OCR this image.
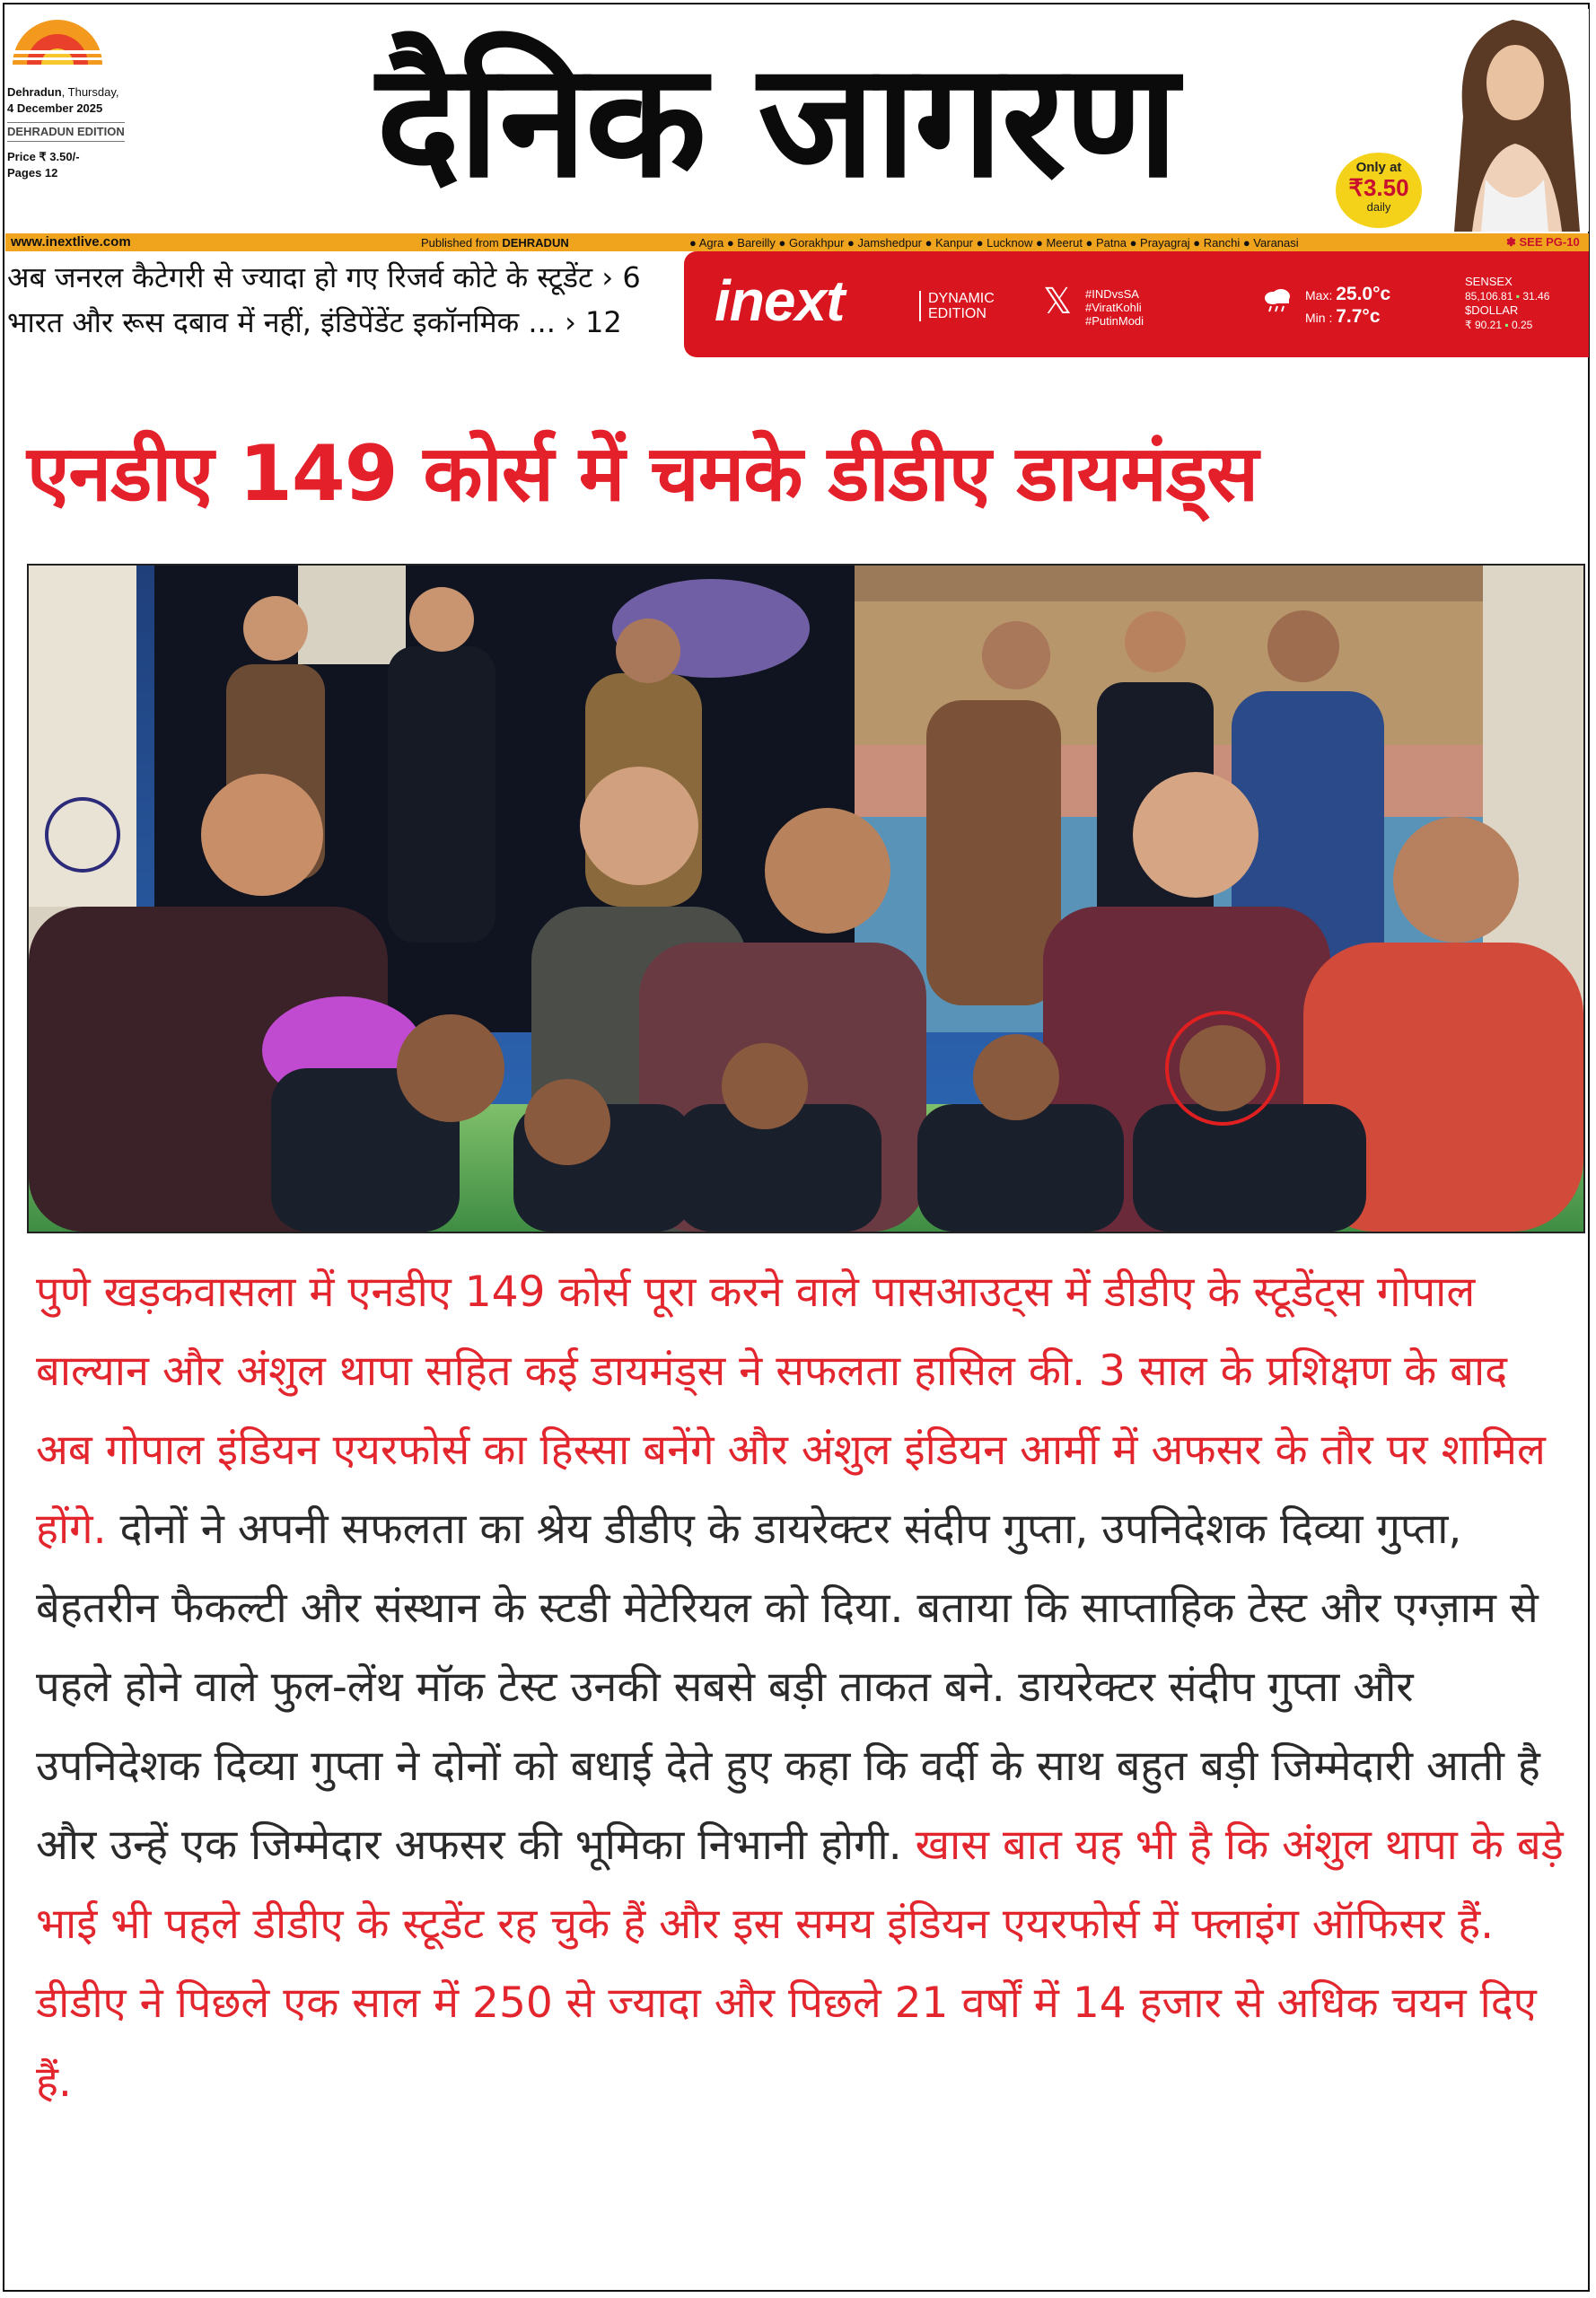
Dehradun, Thursday,
4 December 2025
DEHRADUN EDITION
Price ₹ 3.50/-
Pages 12	दैनिक जागरण	Only at
₹3.50
daily
www.inextlive.com	Published from DEHRADUN	● Agra ● Bareilly ● Gorakhpur ● Jamshedpur ● Kanpur ● Lucknow ● Meerut ● Patna ● Prayagraj ● Ranchi ● Varanasi	✽ SEE PG-10
अब जनरल कैटेगरी से ज्यादा हो गए रिजर्व कोटे के स्टूडेंट › 6
भारत और रूस दबाव में नहीं, इंडिपेंडेंट इकॉनमिक ... › 12	inext	DYNAMIC
EDITION 𝕏 #INDvsSA
#ViratKohli
#PutinModi
Max: 25.0°c
Min : 7.7°c
SENSEX
85,106.81 ▪ 31.46
$DOLLAR
₹ 90.21 ▪ 0.25
एनडीए 149 कोर्स में चमके डीडीए डायमंड्स
पुणे खड़कवासला में एनडीए 149 कोर्स पूरा करने वाले पासआउट्स में डीडीए के स्टूडेंट्स गोपाल बाल्यान और अंशुल थापा सहित कई डायमंड्स ने सफलता हासिल की. 3 साल के प्रशिक्षण के बाद अब गोपाल इंडियन एयरफोर्स का हिस्सा बनेंगे और अंशुल इंडियन आर्मी में अफसर के तौर पर शामिल होंगे. दोनों ने अपनी सफलता का श्रेय डीडीए के डायरेक्टर संदीप गुप्ता, उपनिदेशक दिव्या गुप्ता, बेहतरीन फैकल्टी और संस्थान के स्टडी मेटेरियल को दिया. बताया कि साप्ताहिक टेस्ट और एग्ज़ाम से पहले होने वाले फुल-लेंथ मॉक टेस्ट उनकी सबसे बड़ी ताकत बने. डायरेक्टर संदीप गुप्ता और उपनिदेशक दिव्या गुप्ता ने दोनों को बधाई देते हुए कहा कि वर्दी के साथ बहुत बड़ी जिम्मेदारी आती है और उन्हें एक जिम्मेदार अफसर की भूमिका निभानी होगी. खास बात यह भी है कि अंशुल थापा के बड़े भाई भी पहले डीडीए के स्टूडेंट रह चुके हैं और इस समय इंडियन एयरफोर्स में फ्लाइंग ऑफिसर हैं. डीडीए ने पिछले एक साल में 250 से ज्यादा और पिछले 21 वर्षों में 14 हजार से अधिक चयन दिए हैं.
